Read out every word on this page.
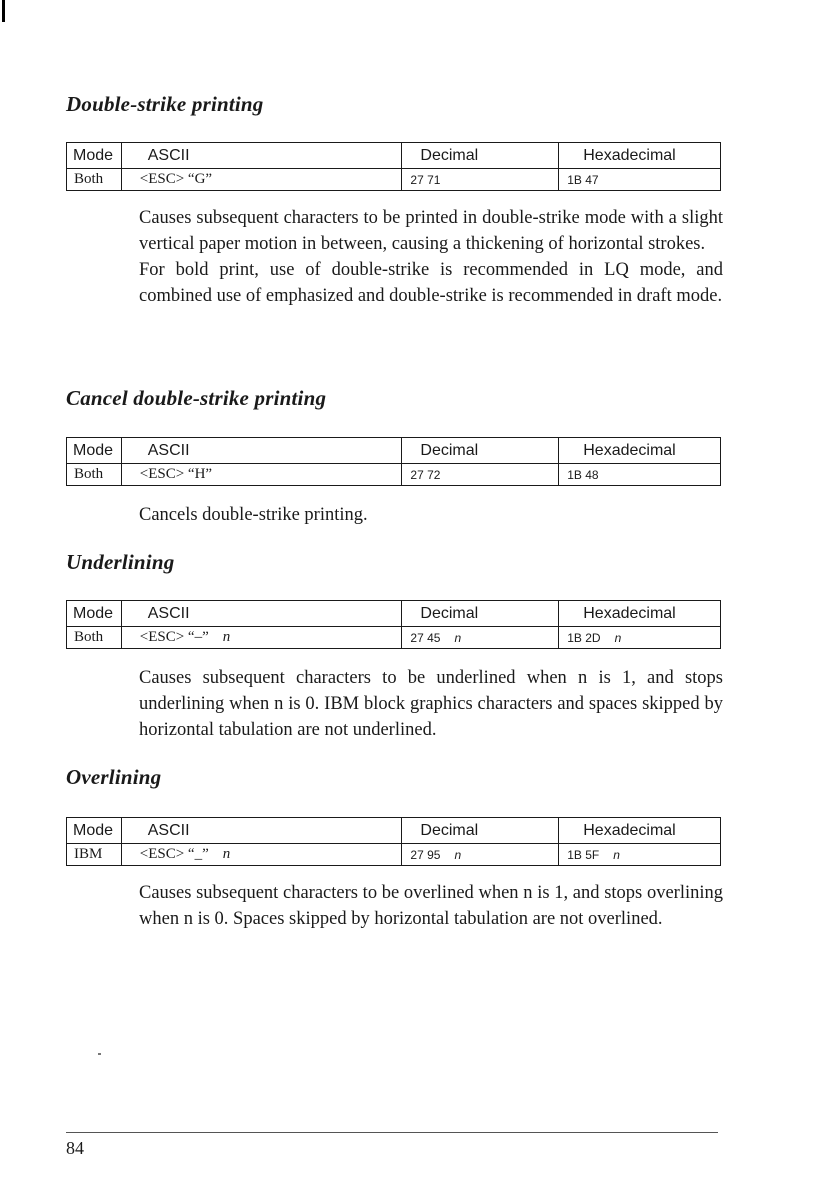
Double-strike printing
Mode	ASCII	Decimal	Hexadecimal
Both	<ESC> “G”	27 71	1B 47

Causes subsequent characters to be printed in double-strike mode with a slight vertical paper motion in between, causing a thickening of horizontal strokes.

For bold print, use of double-strike is recommended in LQ mode, and combined use of emphasized and double-strike is recommended in draft mode.

Cancel double-strike printing
Mode	ASCII	Decimal	Hexadecimal
Both	<ESC> “H”	27 72	1B 48

Cancels double-strike printing.

Underlining
Mode	ASCII	Decimal	Hexadecimal
Both	<ESC> “–” n	27 45 n	1B 2D n

Causes subsequent characters to be underlined when n is 1, and stops underlining when n is 0. IBM block graphics characters and spaces skipped by horizontal tabulation are not underlined.

Overlining
Mode	ASCII	Decimal	Hexadecimal
IBM	<ESC> “_” n	27 95 n	1B 5F n

Causes subsequent characters to be overlined when n is 1, and stops overlining when n is 0. Spaces skipped by horizontal tabulation are not overlined.

84
